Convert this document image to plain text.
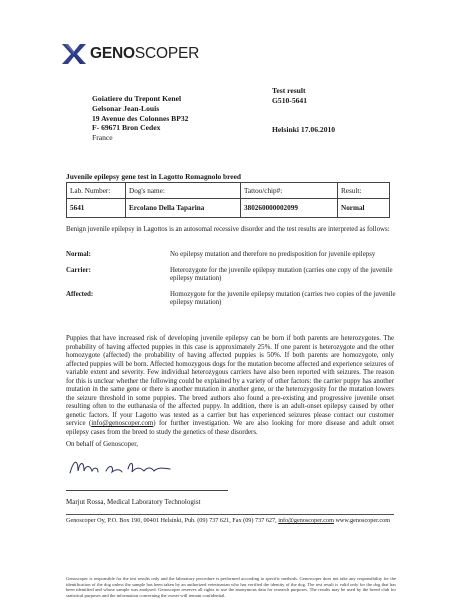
GENOSCOPER
Test result
G510-5641
Goiatiere du Trepont Kenel
Gelsonar Jean-Louis
19 Avenue des Colonnes BP32
F- 69671 Bron Cedex
France
Helsinki 17.06.2010
Juvenile epilepsy gene test in Lagotto Romagnolo breed
Lab. Number:	Dog's name:	Tattoo/chip#:	Result:
5641	Ercolano Della Taparina	380260000002099	Normal
Benign juvenile epilepsy in Lagottos is an autosomal recessive disorder and the test results are interpreted as follows:
Normal:	No epilepsy mutation and therefore no predisposition for juvenile epilepsy
Carrier:	Heterozygote for the juvenile epilepsy mutation (carries one copy of the juvenile epilepsy mutation)
Affected:	Homozygote for the juvenile epilepsy mutation (carries two copies of the juvenile epilepsy mutation)
Puppies that have increased risk of developing juvenile epilepsy can be born if both parents are heterozygotes. The probability of having affected puppies in this case is approximately 25%. If one parent is heterozygote and the other homozygote (affected) the probability of having affected puppies is 50%. If both parents are homozygote, only affected puppies will be born. Affected homozygous dogs for the mutation become affected and experience seizures of variable extent and severity. Few individual heterozygous carriers have also been reported with seizures. The reason for this is unclear whether the following could be explained by a variety of other factors: the carrier puppy has another mutation in the same gene or there is another mutation in another gene, or the heterozygosity for the mutation lowers the seizure threshold in some puppies. The breed authors also found a pre-existing and progressive juvenile onset resulting often to the euthanasia of the affected puppy. In addition, there is an adult-onset epilepsy caused by other genetic factors. If your Lagotto was tested as a carrier but has experienced seizures please contact our customer service (info@genoscoper.com) for further investigation. We are also looking for more disease and adult onset epilepsy cases from the breed to study the genetics of these disorders.
On behalf of Genoscoper,
Marjut Rossa, Medical Laboratory Technologist
Genoscoper Oy, P.O. Box 190, 00401 Helsinki, Puh. (09) 737 621, Fax (09) 737 627, info@genoscoper.com www.genoscoper.com
Genoscoper is responsible for the test results only and the laboratory procedure is performed according to specific methods. Genoscoper does not take any responsibility for the identification of the dog unless the sample has been taken by an authorized veterinarian who has verified the identity of the dog. The test result is valid only for the dog that has been identified and whose sample was analysed. Genoscoper reserves all rights to use the anonymous data for research purposes. The results may be used by the breed club for statistical purposes and the information concerning the owner will remain confidential.
